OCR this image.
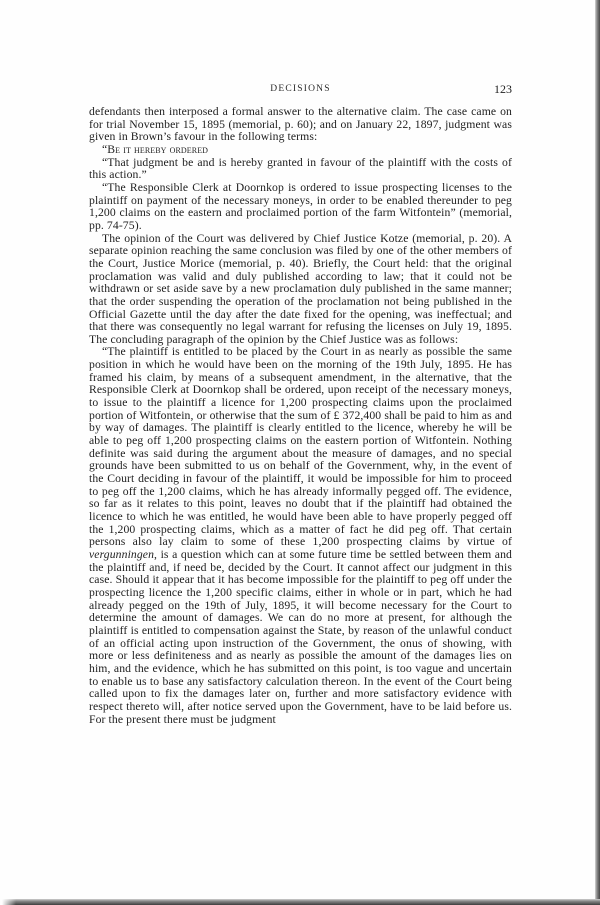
DECISIONS	123

defendants then interposed a formal answer to the alternative claim. The case came on for trial November 15, 1895 (memorial, p. 60); and on January 22, 1897, judgment was given in Brown’s favour in the following terms:

“Be it hereby ordered

“That judgment be and is hereby granted in favour of the plaintiff with the costs of this action.”

“The Responsible Clerk at Doornkop is ordered to issue prospecting licenses to the plaintiff on payment of the necessary moneys, in order to be enabled thereunder to peg 1,200 claims on the eastern and proclaimed portion of the farm Witfontein” (memorial, pp. 74-75).

The opinion of the Court was delivered by Chief Justice Kotze (memorial, p. 20). A separate opinion reaching the same conclusion was filed by one of the other members of the Court, Justice Morice (memorial, p. 40). Briefly, the Court held: that the original proclamation was valid and duly published according to law; that it could not be withdrawn or set aside save by a new proclamation duly published in the same manner; that the order suspending the operation of the proclamation not being published in the Official Gazette until the day after the date fixed for the opening, was ineffectual; and that there was consequently no legal warrant for refusing the licenses on July 19, 1895. The concluding paragraph of the opinion by the Chief Justice was as follows:

“The plaintiff is entitled to be placed by the Court in as nearly as possible the same position in which he would have been on the morning of the 19th July, 1895. He has framed his claim, by means of a subsequent amendment, in the alternative, that the Responsible Clerk at Doornkop shall be ordered, upon receipt of the necessary moneys, to issue to the plaintiff a licence for 1,200 prospecting claims upon the proclaimed portion of Witfontein, or otherwise that the sum of £ 372,400 shall be paid to him as and by way of damages. The plaintiff is clearly entitled to the licence, whereby he will be able to peg off 1,200 prospecting claims on the eastern portion of Witfontein. Nothing definite was said during the argument about the measure of damages, and no special grounds have been submitted to us on behalf of the Government, why, in the event of the Court deciding in favour of the plaintiff, it would be impossible for him to proceed to peg off the 1,200 claims, which he has already informally pegged off. The evidence, so far as it relates to this point, leaves no doubt that if the plaintiff had obtained the licence to which he was entitled, he would have been able to have properly pegged off the 1,200 prospecting claims, which as a matter of fact he did peg off. That certain persons also lay claim to some of these 1,200 prospecting claims by virtue of vergunningen, is a question which can at some future time be settled between them and the plaintiff and, if need be, decided by the Court. It cannot affect our judgment in this case. Should it appear that it has become impossible for the plaintiff to peg off under the prospecting licence the 1,200 specific claims, either in whole or in part, which he had already pegged on the 19th of July, 1895, it will become necessary for the Court to determine the amount of damages. We can do no more at present, for although the plaintiff is entitled to compensation against the State, by reason of the unlawful conduct of an official acting upon instruction of the Government, the onus of showing, with more or less definiteness and as nearly as possible the amount of the damages lies on him, and the evidence, which he has submitted on this point, is too vague and uncertain to enable us to base any satisfactory calculation thereon. In the event of the Court being called upon to fix the damages later on, further and more satisfactory evidence with respect thereto will, after notice served upon the Government, have to be laid before us. For the present there must be judgment
